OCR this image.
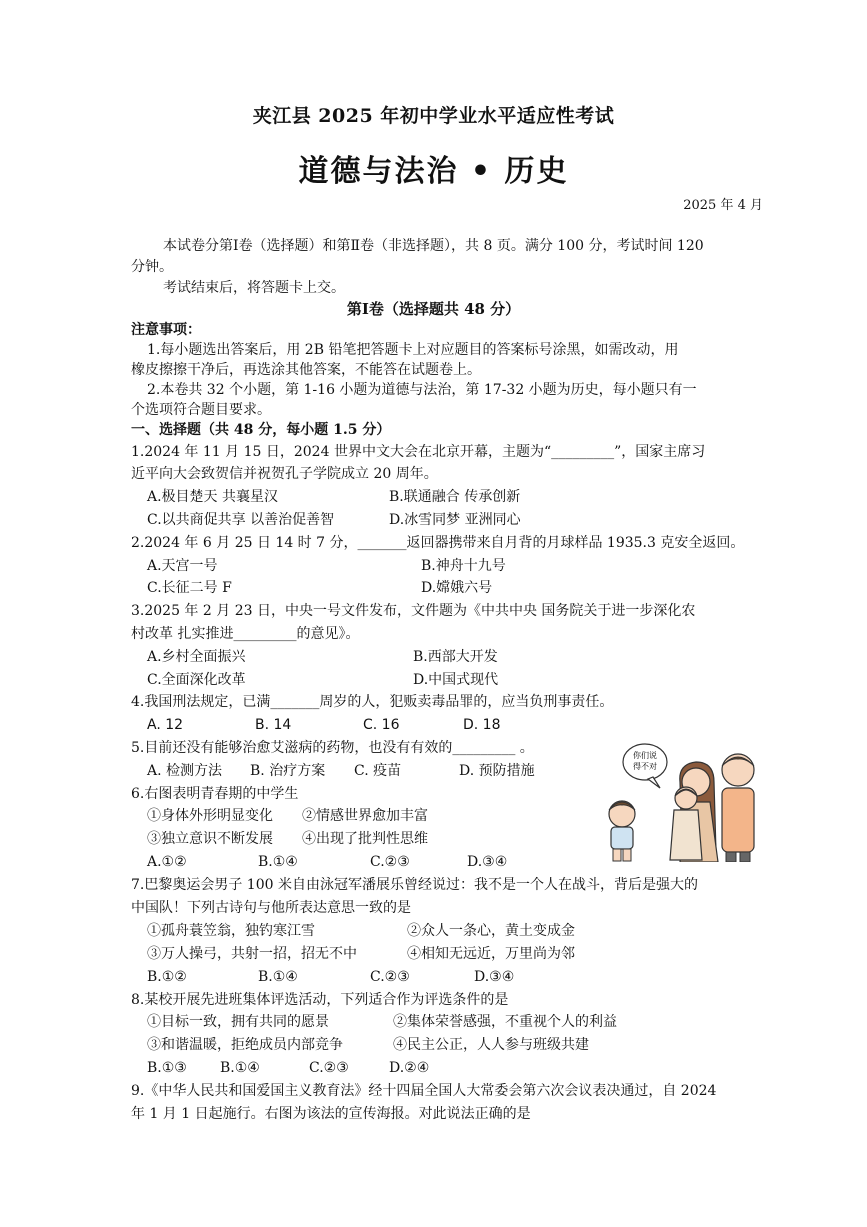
夹江县 2025 年初中学业水平适应性考试
道德与法治 • 历史
2025 年 4 月
本试卷分第Ⅰ卷（选择题）和第Ⅱ卷（非选择题），共 8 页。满分 100 分，考试时间 120
分钟。
考试结束后，将答题卡上交。
第Ⅰ卷（选择题共 48 分）
注意事项：
1.每小题选出答案后，用 2B 铅笔把答题卡上对应题目的答案标号涂黑，如需改动，用
橡皮擦擦干净后，再选涂其他答案，不能答在试题卷上。
2.本卷共 32 个小题，第 1-16 小题为道德与法治，第 17-32 小题为历史，每小题只有一
个选项符合题目要求。
一、选择题（共 48 分，每小题 1.5 分）
1.2024 年 11 月 15 日，2024 世界中文大会在北京开幕，主题为“_________”，国家主席习
近平向大会致贺信并祝贺孔子学院成立 20 周年。
A.极目楚天 共襄星汉	B.联通融合 传承创新
C.以共商促共享 以善治促善智	D.冰雪同梦 亚洲同心
2.2024 年 6 月 25 日 14 时 7 分，_______返回器携带来自月背的月球样品 1935.3 克安全返回。
A.天宫一号	B.神舟十九号
C.长征二号 F	D.嫦娥六号
3.2025 年 2 月 23 日，中央一号文件发布，文件题为《中共中央 国务院关于进一步深化农
村改革 扎实推进_________的意见》。
A.乡村全面振兴	B.西部大开发
C.全面深化改革	D.中国式现代
4.我国刑法规定，已满_______周岁的人，犯贩卖毒品罪的，应当负刑事责任。
A. 12	B. 14	C. 16	D. 18
5.目前还没有能够治愈艾滋病的药物，也没有有效的_________ 。
A. 检测方法 B. 治疗方案 C. 疫苗	D. 预防措施
6.右图表明青春期的中学生
①身体外形明显变化 ②情感世界愈加丰富
③独立意识不断发展 ④出现了批判性思维
A.①②	B.①④	C.②③	D.③④
你们说
得不对
7.巴黎奥运会男子 100 米自由泳冠军潘展乐曾经说过：我不是一个人在战斗，背后是强大的
中国队！下列古诗句与他所表达意思一致的是
①孤舟蓑笠翁，独钓寒江雪	②众人一条心，黄土变成金
③万人操弓，共射一招，招无不中	④相知无远近，万里尚为邻
B.①②	B.①④	C.②③	D.③④
8.某校开展先进班集体评选活动，下列适合作为评选条件的是
①目标一致，拥有共同的愿景	②集体荣誉感强，不重视个人的利益
③和谐温暖，拒绝成员内部竞争	④民主公正，人人参与班级共建
B.①③ B.①④	C.②③	D.②④
9.《中华人民共和国爱国主义教育法》经十四届全国人大常委会第六次会议表决通过，自 2024
年 1 月 1 日起施行。右图为该法的宣传海报。对此说法正确的是
